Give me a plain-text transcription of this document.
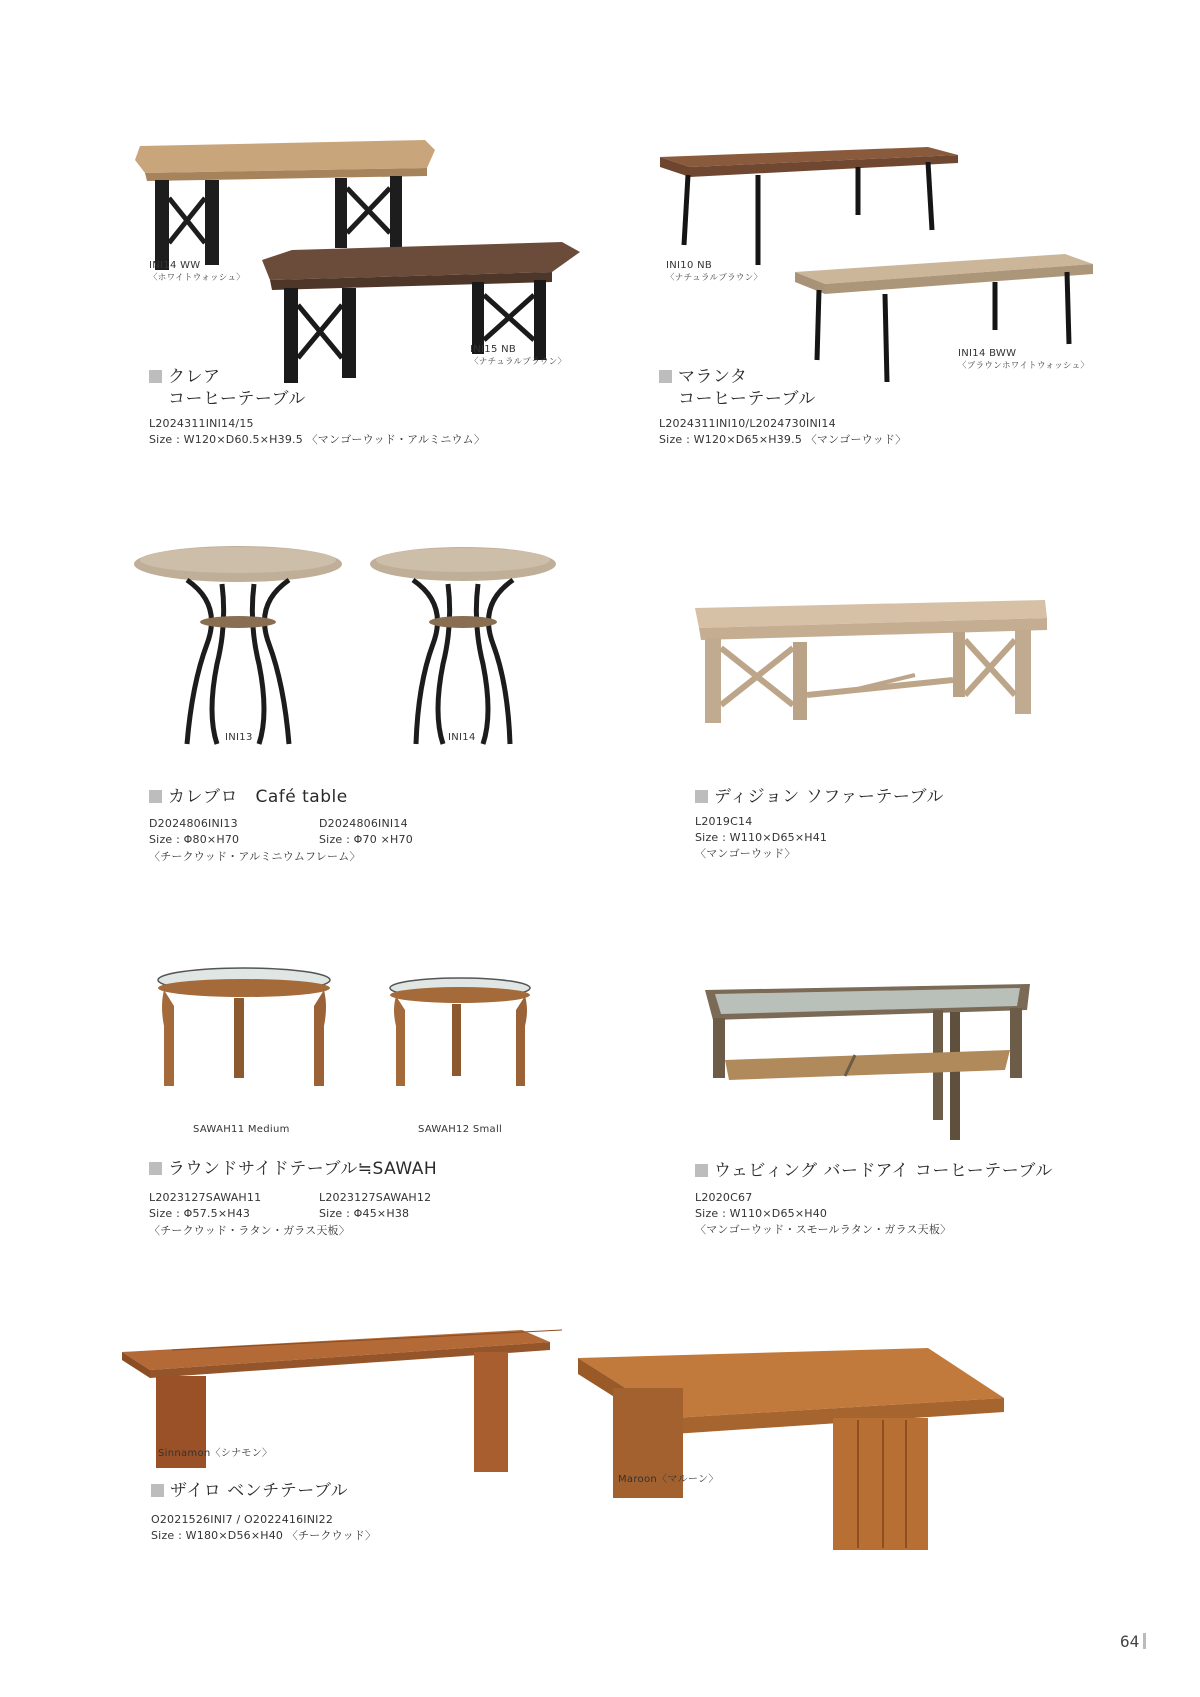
INI14 WW
〈ホワイトウォッシュ〉
INI15 NB
〈ナチュラルブラウン〉
クレア
コーヒーテーブル
L2024311INI14/15
Size : W120×D60.5×H39.5 〈マンゴーウッド・アルミニウム〉
INI10 NB
〈ナチュラルブラウン〉
INI14 BWW
〈ブラウンホワイトウォッシュ〉
マランタ
コーヒーテーブル
L2024311INI10/L2024730INI14
Size : W120×D65×H39.5 〈マンゴーウッド〉
INI13	INI14
カレブロ　Café table
D2024806INI13	D2024806INI14
Size : Φ80×H70	Size : Φ70 ×H70
〈チークウッド・アルミニウムフレーム〉
ディジョン ソファーテーブル
L2019C14
Size : W110×D65×H41
〈マンゴーウッド〉
SAWAH11 Medium	SAWAH12 Small
ラウンドサイドテーブル≒SAWAH
L2023127SAWAH11	L2023127SAWAH12
Size : Φ57.5×H43	Size : Φ45×H38
〈チークウッド・ラタン・ガラス天板〉
ウェビィング バードアイ コーヒーテーブル
L2020C67
Size : W110×D65×H40
〈マンゴーウッド・スモールラタン・ガラス天板〉
Sinnamon〈シナモン〉
Maroon〈マルーン〉
ザイロ ベンチテーブル
O2021526INI7 / O2022416INI22
Size : W180×D56×H40 〈チークウッド〉
64
